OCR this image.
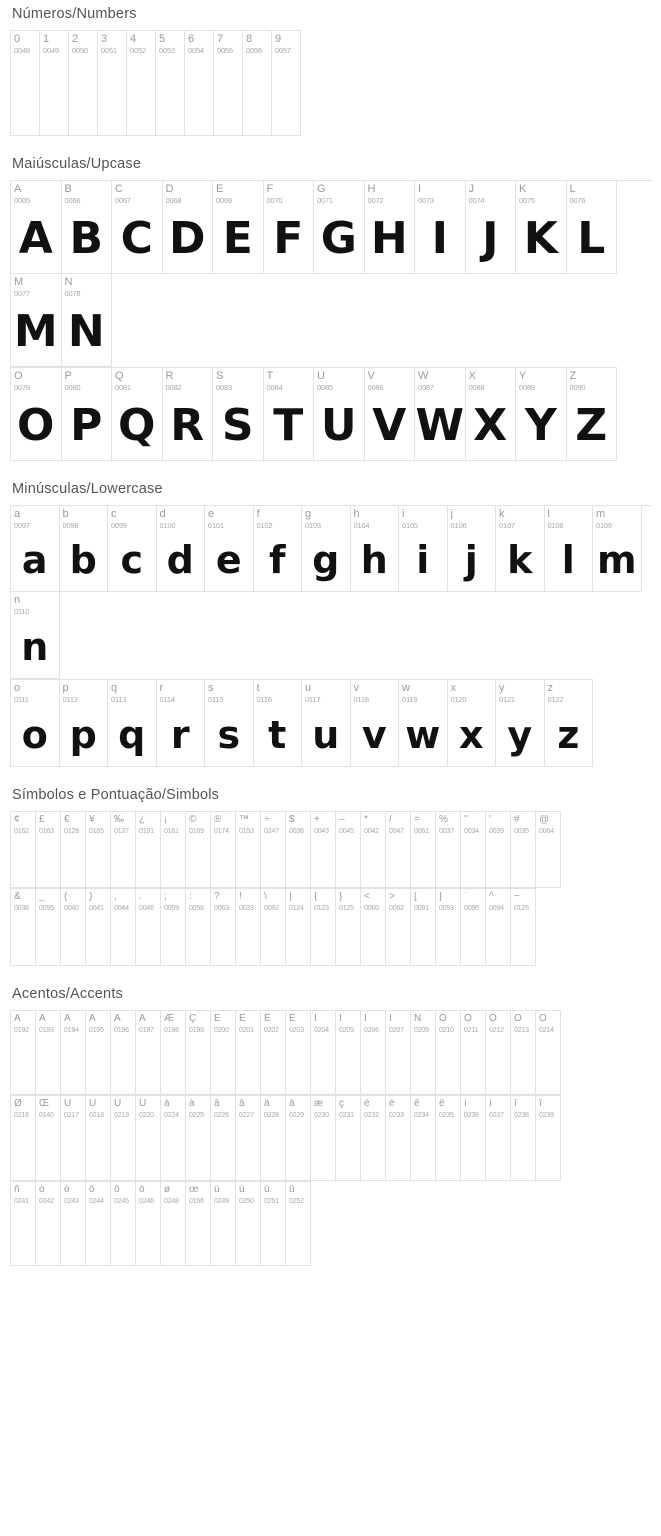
Números/Numbers
0
0048
1
0049
2
0050
3
0051
4
0052
5
0053
6
0054
7
0055
8
0056
9
0057
Maiúsculas/Upcase
A
0065
A
B
0066
B
C
0067
C
D
0068
D
E
0069
E
F
0070
F
G
0071
G
H
0072
H
I
0073
I
J
0074
J
K
0075
K
L
0076
L
M
0077
M
N
0078
N
O
0079
O
P
0080
P
Q
0081
Q
R
0082
R
S
0083
S
T
0084
T
U
0085
U
V
0086
V
W
0087
W
X
0088
X
Y
0089
Y
Z
0090
Z
Minúsculas/Lowercase
a
0097
a
b
0098
b
c
0099
c
d
0100
d
e
0101
e
f
0102
f
g
0103
g
h
0104
h
i
0105
i
j
0106
j
k
0107
k
l
0108
l
m
0109
m
n
0110
n
o
0111
o
p
0112
p
q
0113
q
r
0114
r
s
0115
s
t
0116
t
u
0117
u
v
0118
v
w
0119
w
x
0120
x
y
0121
y
z
0122
z
Símbolos e Pontuação/Simbols
¢
0162
£
0163
€
0128
¥
0165
‰
0137
¿
0191
¡
0161
©
0169
®
0174
™
0153
÷
0247
$
0036
+
0043
–
0045
*
0042
/
0047
=
0061
%
0037
"
0034
'
0039
#
0035
@
0064
&
0038
_
0095
(
0040
)
0041
,
0044
.
0046
;
0059
:
0058
?
0063
!
0033
\
0092
|
0124
{
0123
}
0125
<
0060
>
0062
[
0091
]
0093
`
0096
^
0094
~
0126
Acentos/Accents
À
0192
Á
0193
Â
0194
Ã
0195
Ä
0196
Å
0197
Æ
0198
Ç
0199
È
0200
É
0201
Ê
0202
Ë
0203
Ì
0204
Í
0205
Î
0206
Ï
0207
Ñ
0209
Ò
0210
Ó
0211
Ô
0212
Õ
0213
Ö
0214
Ø
0216
Œ
0140
Ù
0217
Ú
0218
Û
0219
Ü
0220
à
0224
á
0225
â
0226
ã
0227
ä
0228
å
0229
æ
0230
ç
0231
è
0232
é
0233
ê
0234
ë
0235
ì
0236
í
0237
î
0238
ï
0239
ñ
0241
ò
0242
ó
0243
ô
0244
õ
0245
ö
0246
ø
0248
œ
0156
ù
0249
ú
0250
û
0251
ü
0252
